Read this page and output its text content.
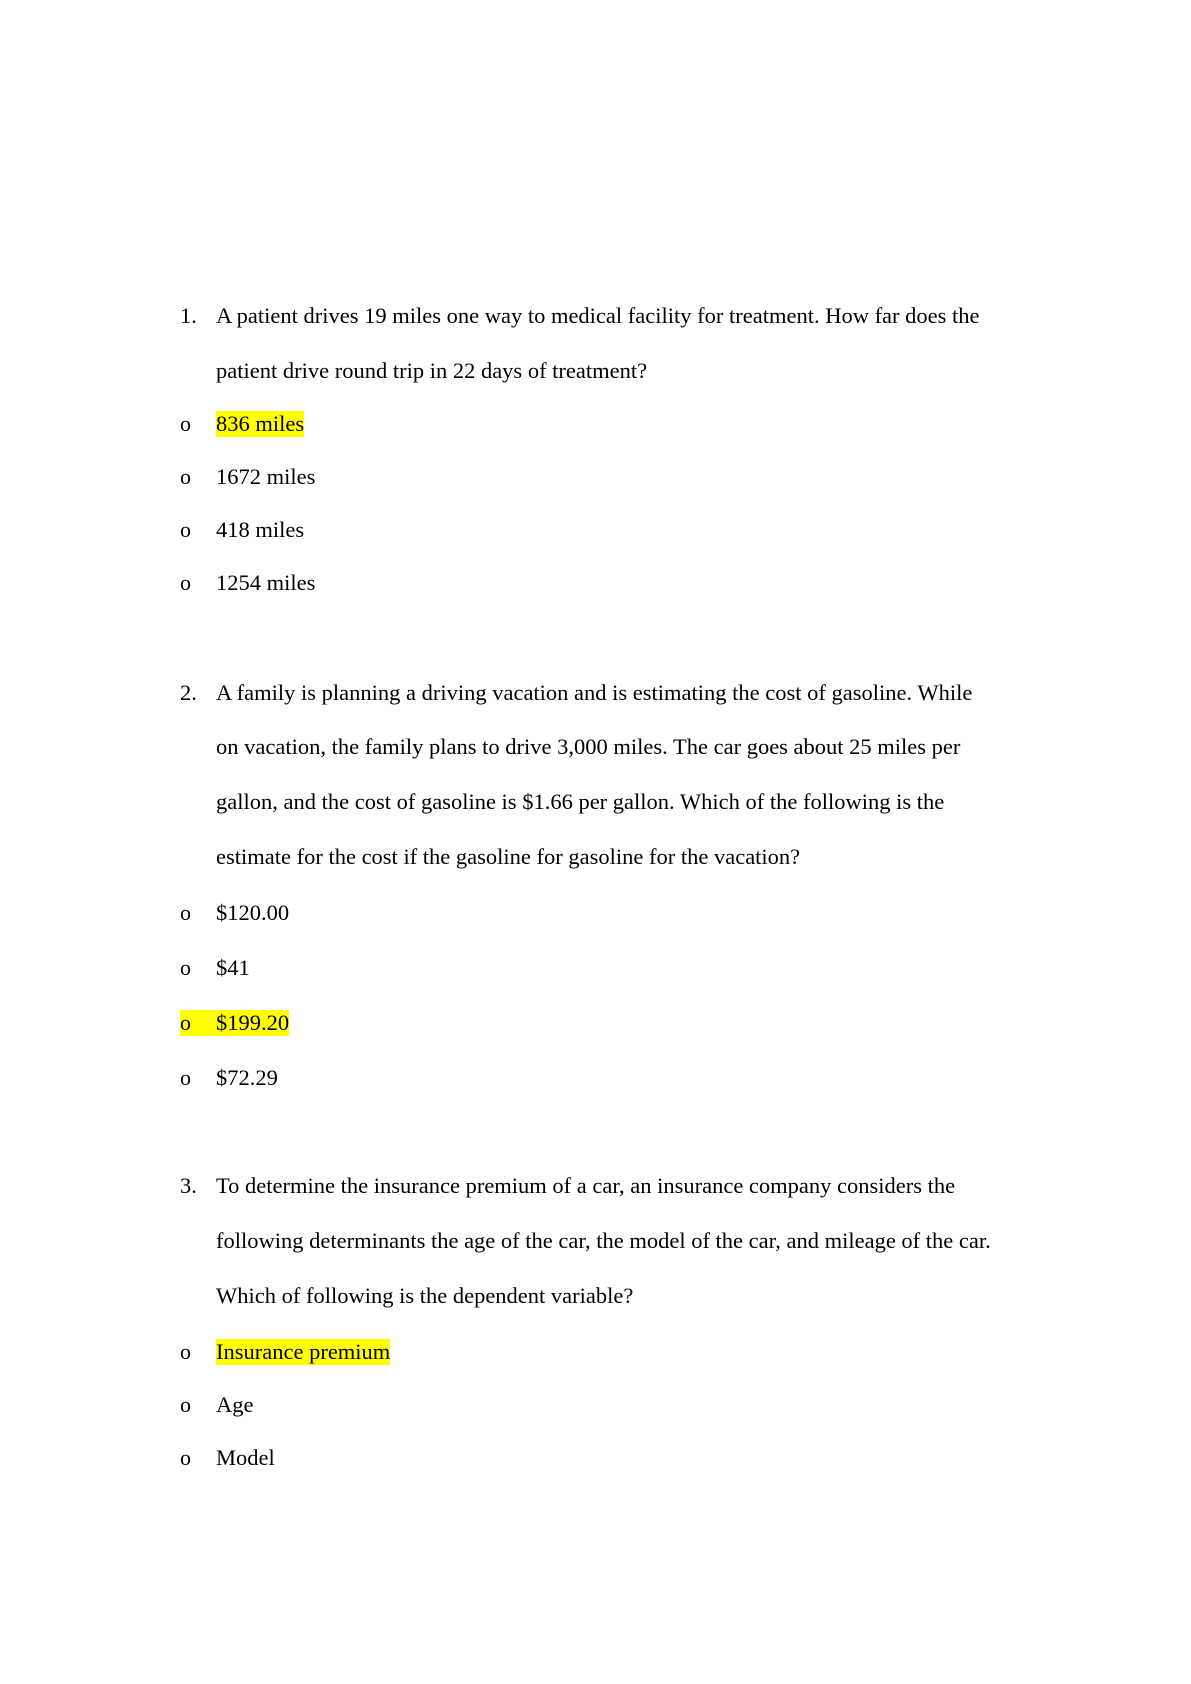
1. A patient drives 19 miles one way to medical facility for treatment. How far does the
patient drive round trip in 22 days of treatment?
o 836 miles
o 1672 miles
o 418 miles
o 1254 miles
2. A family is planning a driving vacation and is estimating the cost of gasoline. While
on vacation, the family plans to drive 3,000 miles. The car goes about 25 miles per
gallon, and the cost of gasoline is $1.66 per gallon. Which of the following is the
estimate for the cost if the gasoline for gasoline for the vacation?
o $120.00
o $41
o	$199.20
o $72.29
3. To determine the insurance premium of a car, an insurance company considers the
following determinants the age of the car, the model of the car, and mileage of the car.
Which of following is the dependent variable?
o Insurance premium
o Age
o Model
